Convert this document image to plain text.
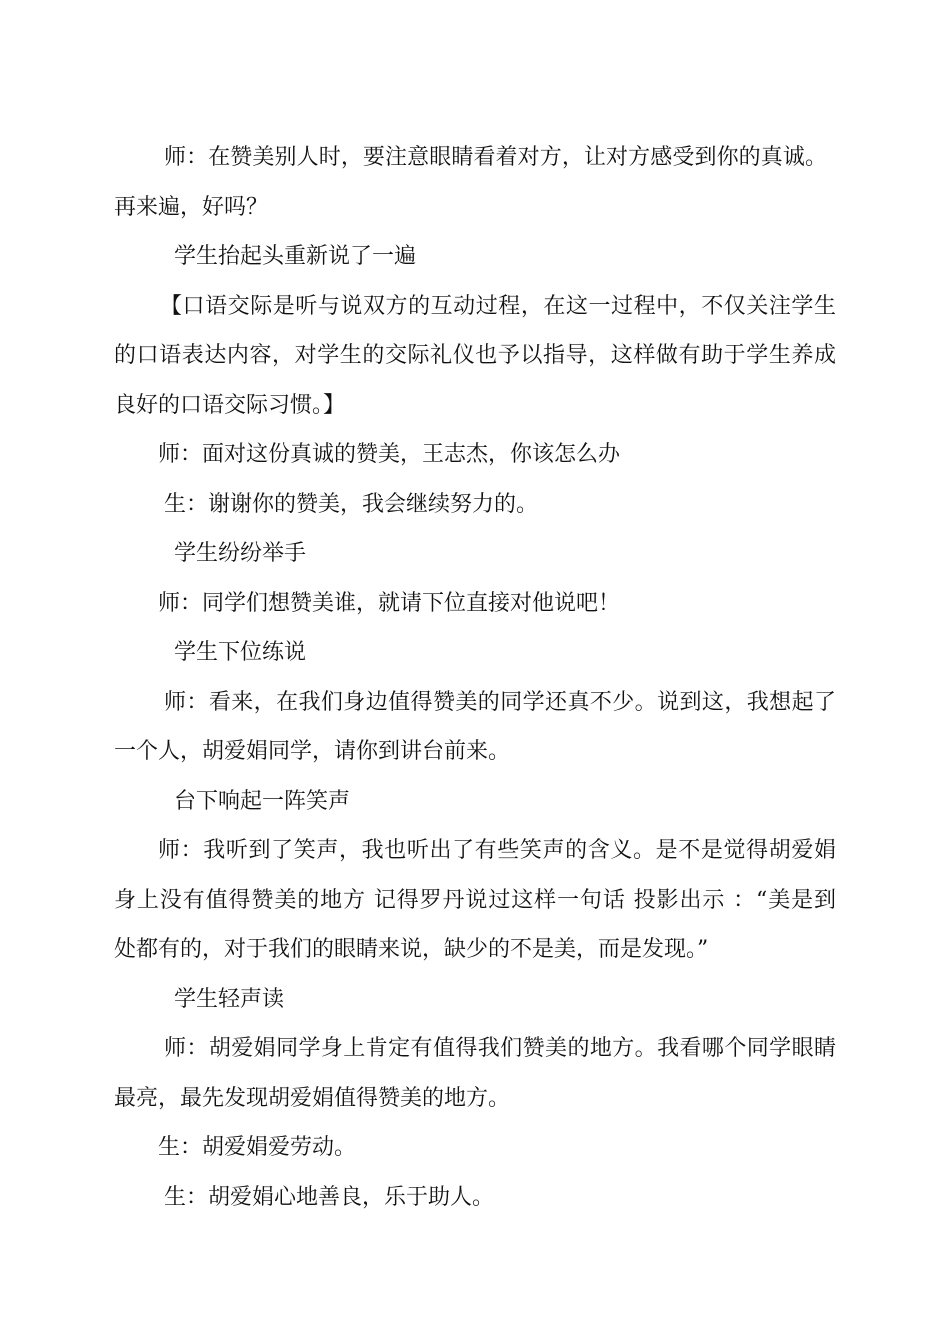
师：在赞美别人时，要注意眼睛看着对方，让对方感受到你的真诚。

再来遍，好吗？

学生抬起头重新说了一遍

【口语交际是听与说双方的互动过程，在这一过程中，不仅关注学生

的口语表达内容，对学生的交际礼仪也予以指导，这样做有助于学生养成

良好的口语交际习惯。】

师：面对这份真诚的赞美，王志杰，你该怎么办

生：谢谢你的赞美，我会继续努力的。

学生纷纷举手

师：同学们想赞美谁，就请下位直接对他说吧！

学生下位练说

师：看来，在我们身边值得赞美的同学还真不少。说到这，我想起了

一个人，胡爱娟同学，请你到讲台前来。

台下响起一阵笑声

师：我听到了笑声，我也听出了有些笑声的含义。是不是觉得胡爱娟

身上没有值得赞美的地方 记得罗丹说过这样一句话 投影出示 ：“美是到

处都有的，对于我们的眼睛来说，缺少的不是美，而是发现。”

学生轻声读

师：胡爱娟同学身上肯定有值得我们赞美的地方。我看哪个同学眼睛

最亮，最先发现胡爱娟值得赞美的地方。

生：胡爱娟爱劳动。

生：胡爱娟心地善良，乐于助人。
